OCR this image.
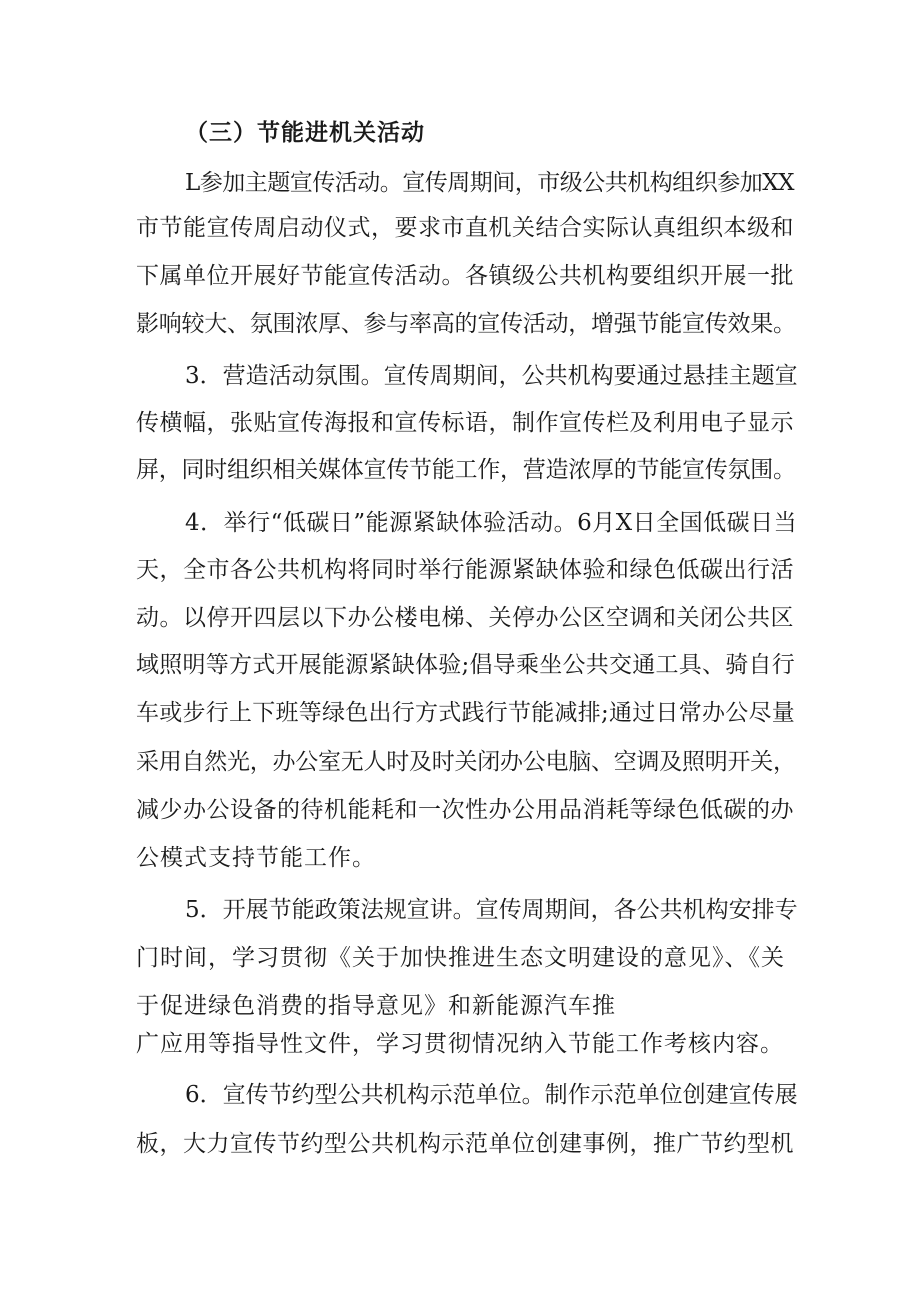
（三）节能进机关活动

L参加主题宣传活动。宣传周期间，市级公共机构组织参加XX

市节能宣传周启动仪式，要求市直机关结合实际认真组织本级和

下属单位开展好节能宣传活动。各镇级公共机构要组织开展一批

影响较大、氛围浓厚、参与率高的宣传活动，增强节能宣传效果。

3．营造活动氛围。宣传周期间，公共机构要通过悬挂主题宣

传横幅，张贴宣传海报和宣传标语，制作宣传栏及利用电子显示

屏，同时组织相关媒体宣传节能工作，营造浓厚的节能宣传氛围。

4．举行“低碳日”能源紧缺体验活动。6月X日全国低碳日当

天，全市各公共机构将同时举行能源紧缺体验和绿色低碳出行活

动。以停开四层以下办公楼电梯、关停办公区空调和关闭公共区

域照明等方式开展能源紧缺体验;倡导乘坐公共交通工具、骑自行

车或步行上下班等绿色出行方式践行节能减排;通过日常办公尽量

采用自然光，办公室无人时及时关闭办公电脑、空调及照明开关，

减少办公设备的待机能耗和一次性办公用品消耗等绿色低碳的办

公模式支持节能工作。

5．开展节能政策法规宣讲。宣传周期间，各公共机构安排专

门时间，学习贯彻《关于加快推进生态文明建设的意见》、《关

于促进绿色消费的指导意见》和新能源汽车推

广应用等指导性文件，学习贯彻情况纳入节能工作考核内容。

6．宣传节约型公共机构示范单位。制作示范单位创建宣传展

板，大力宣传节约型公共机构示范单位创建事例，推广节约型机
